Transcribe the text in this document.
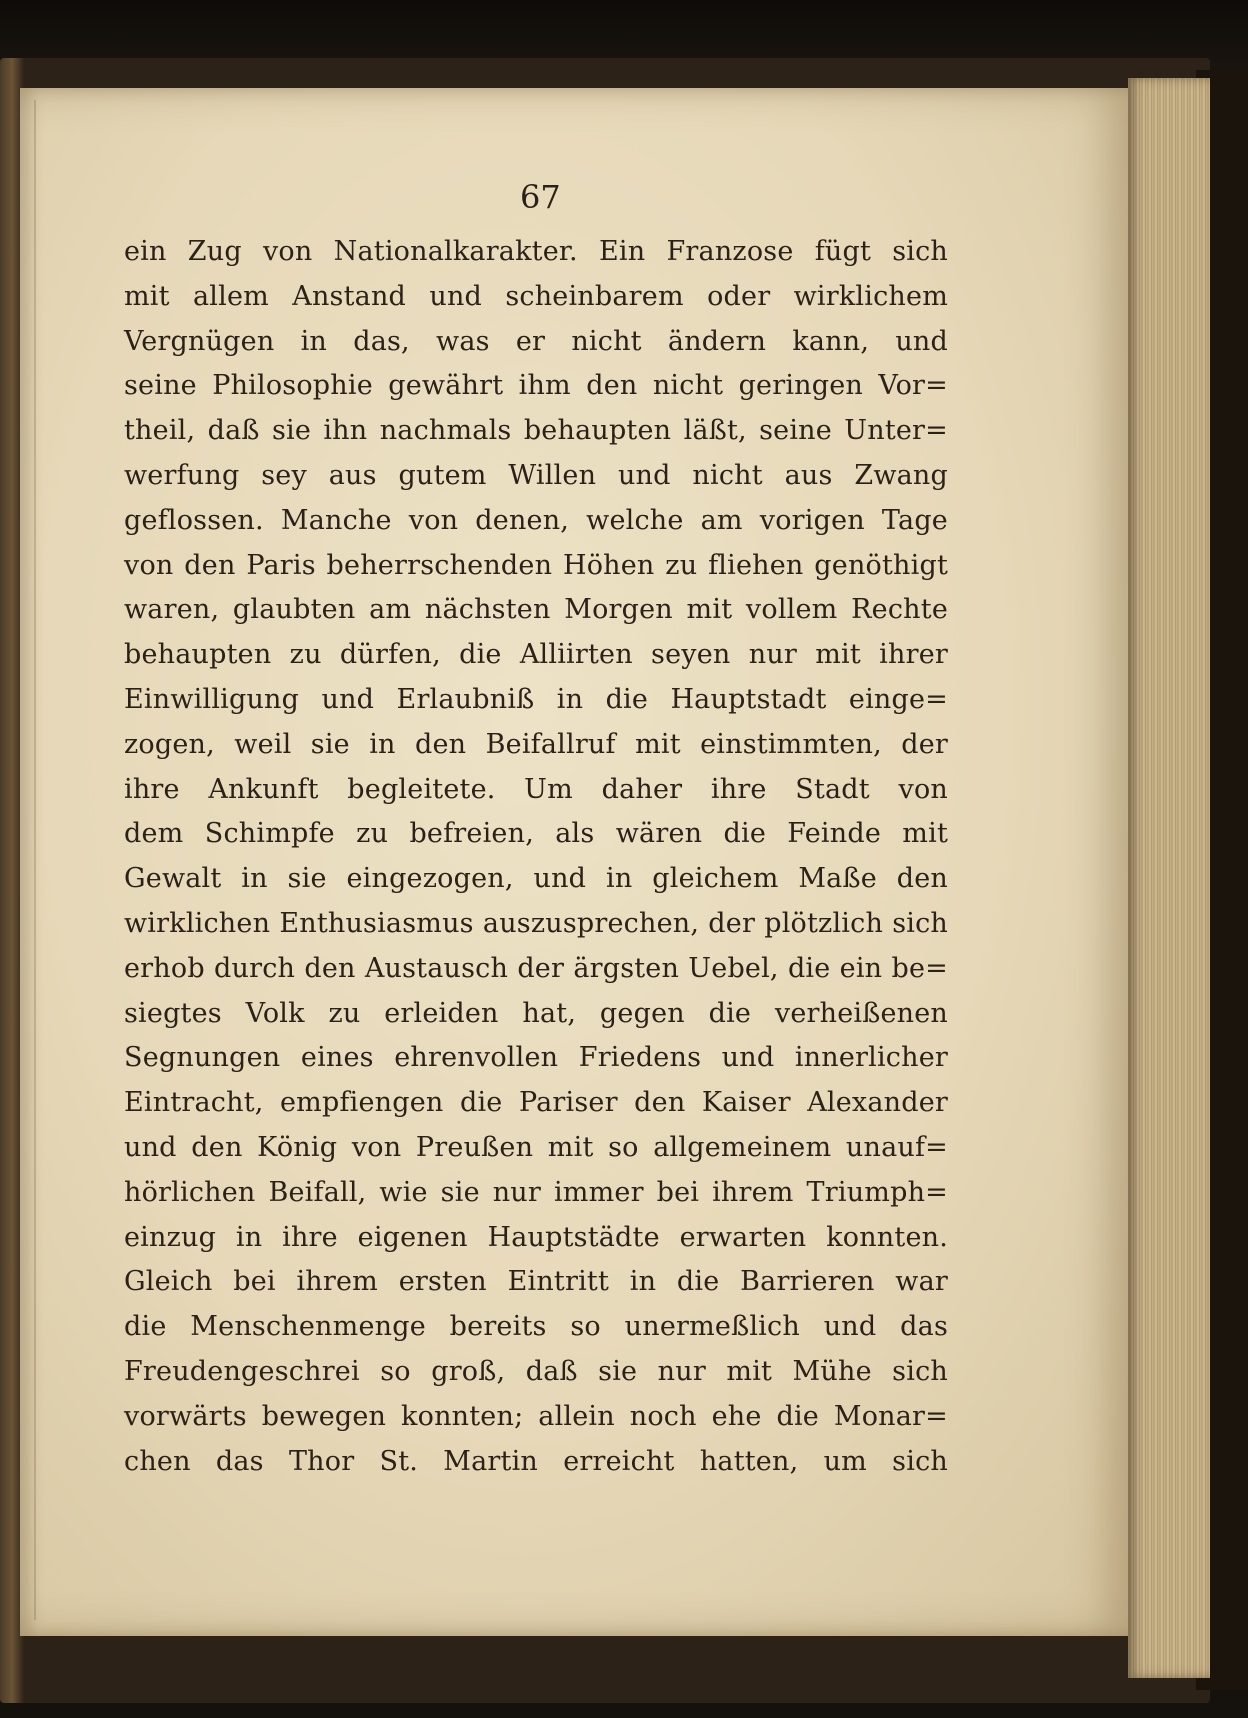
67
ein Zug von Nationalkarakter. Ein Franzose fügt sich
mit allem Anstand und scheinbarem oder wirklichem
Vergnügen in das, was er nicht ändern kann, und
seine Philosophie gewährt ihm den nicht geringen Vor=
theil, daß sie ihn nachmals behaupten läßt, seine Unter=
werfung sey aus gutem Willen und nicht aus Zwang
geflossen. Manche von denen, welche am vorigen Tage
von den Paris beherrschenden Höhen zu fliehen genöthigt
waren, glaubten am nächsten Morgen mit vollem Rechte
behaupten zu dürfen, die Alliirten seyen nur mit ihrer
Einwilligung und Erlaubniß in die Hauptstadt einge=
zogen, weil sie in den Beifallruf mit einstimmten, der
ihre Ankunft begleitete. Um daher ihre Stadt von
dem Schimpfe zu befreien, als wären die Feinde mit
Gewalt in sie eingezogen, und in gleichem Maße den
wirklichen Enthusiasmus auszusprechen, der plötzlich sich
erhob durch den Austausch der ärgsten Uebel, die ein be=
siegtes Volk zu erleiden hat, gegen die verheißenen
Segnungen eines ehrenvollen Friedens und innerlicher
Eintracht, empfiengen die Pariser den Kaiser Alexander
und den König von Preußen mit so allgemeinem unauf=
hörlichen Beifall, wie sie nur immer bei ihrem Triumph=
einzug in ihre eigenen Hauptstädte erwarten konnten.
Gleich bei ihrem ersten Eintritt in die Barrieren war
die Menschenmenge bereits so unermeßlich und das
Freudengeschrei so groß, daß sie nur mit Mühe sich
vorwärts bewegen konnten; allein noch ehe die Monar=
chen das Thor St. Martin erreicht hatten, um sich
